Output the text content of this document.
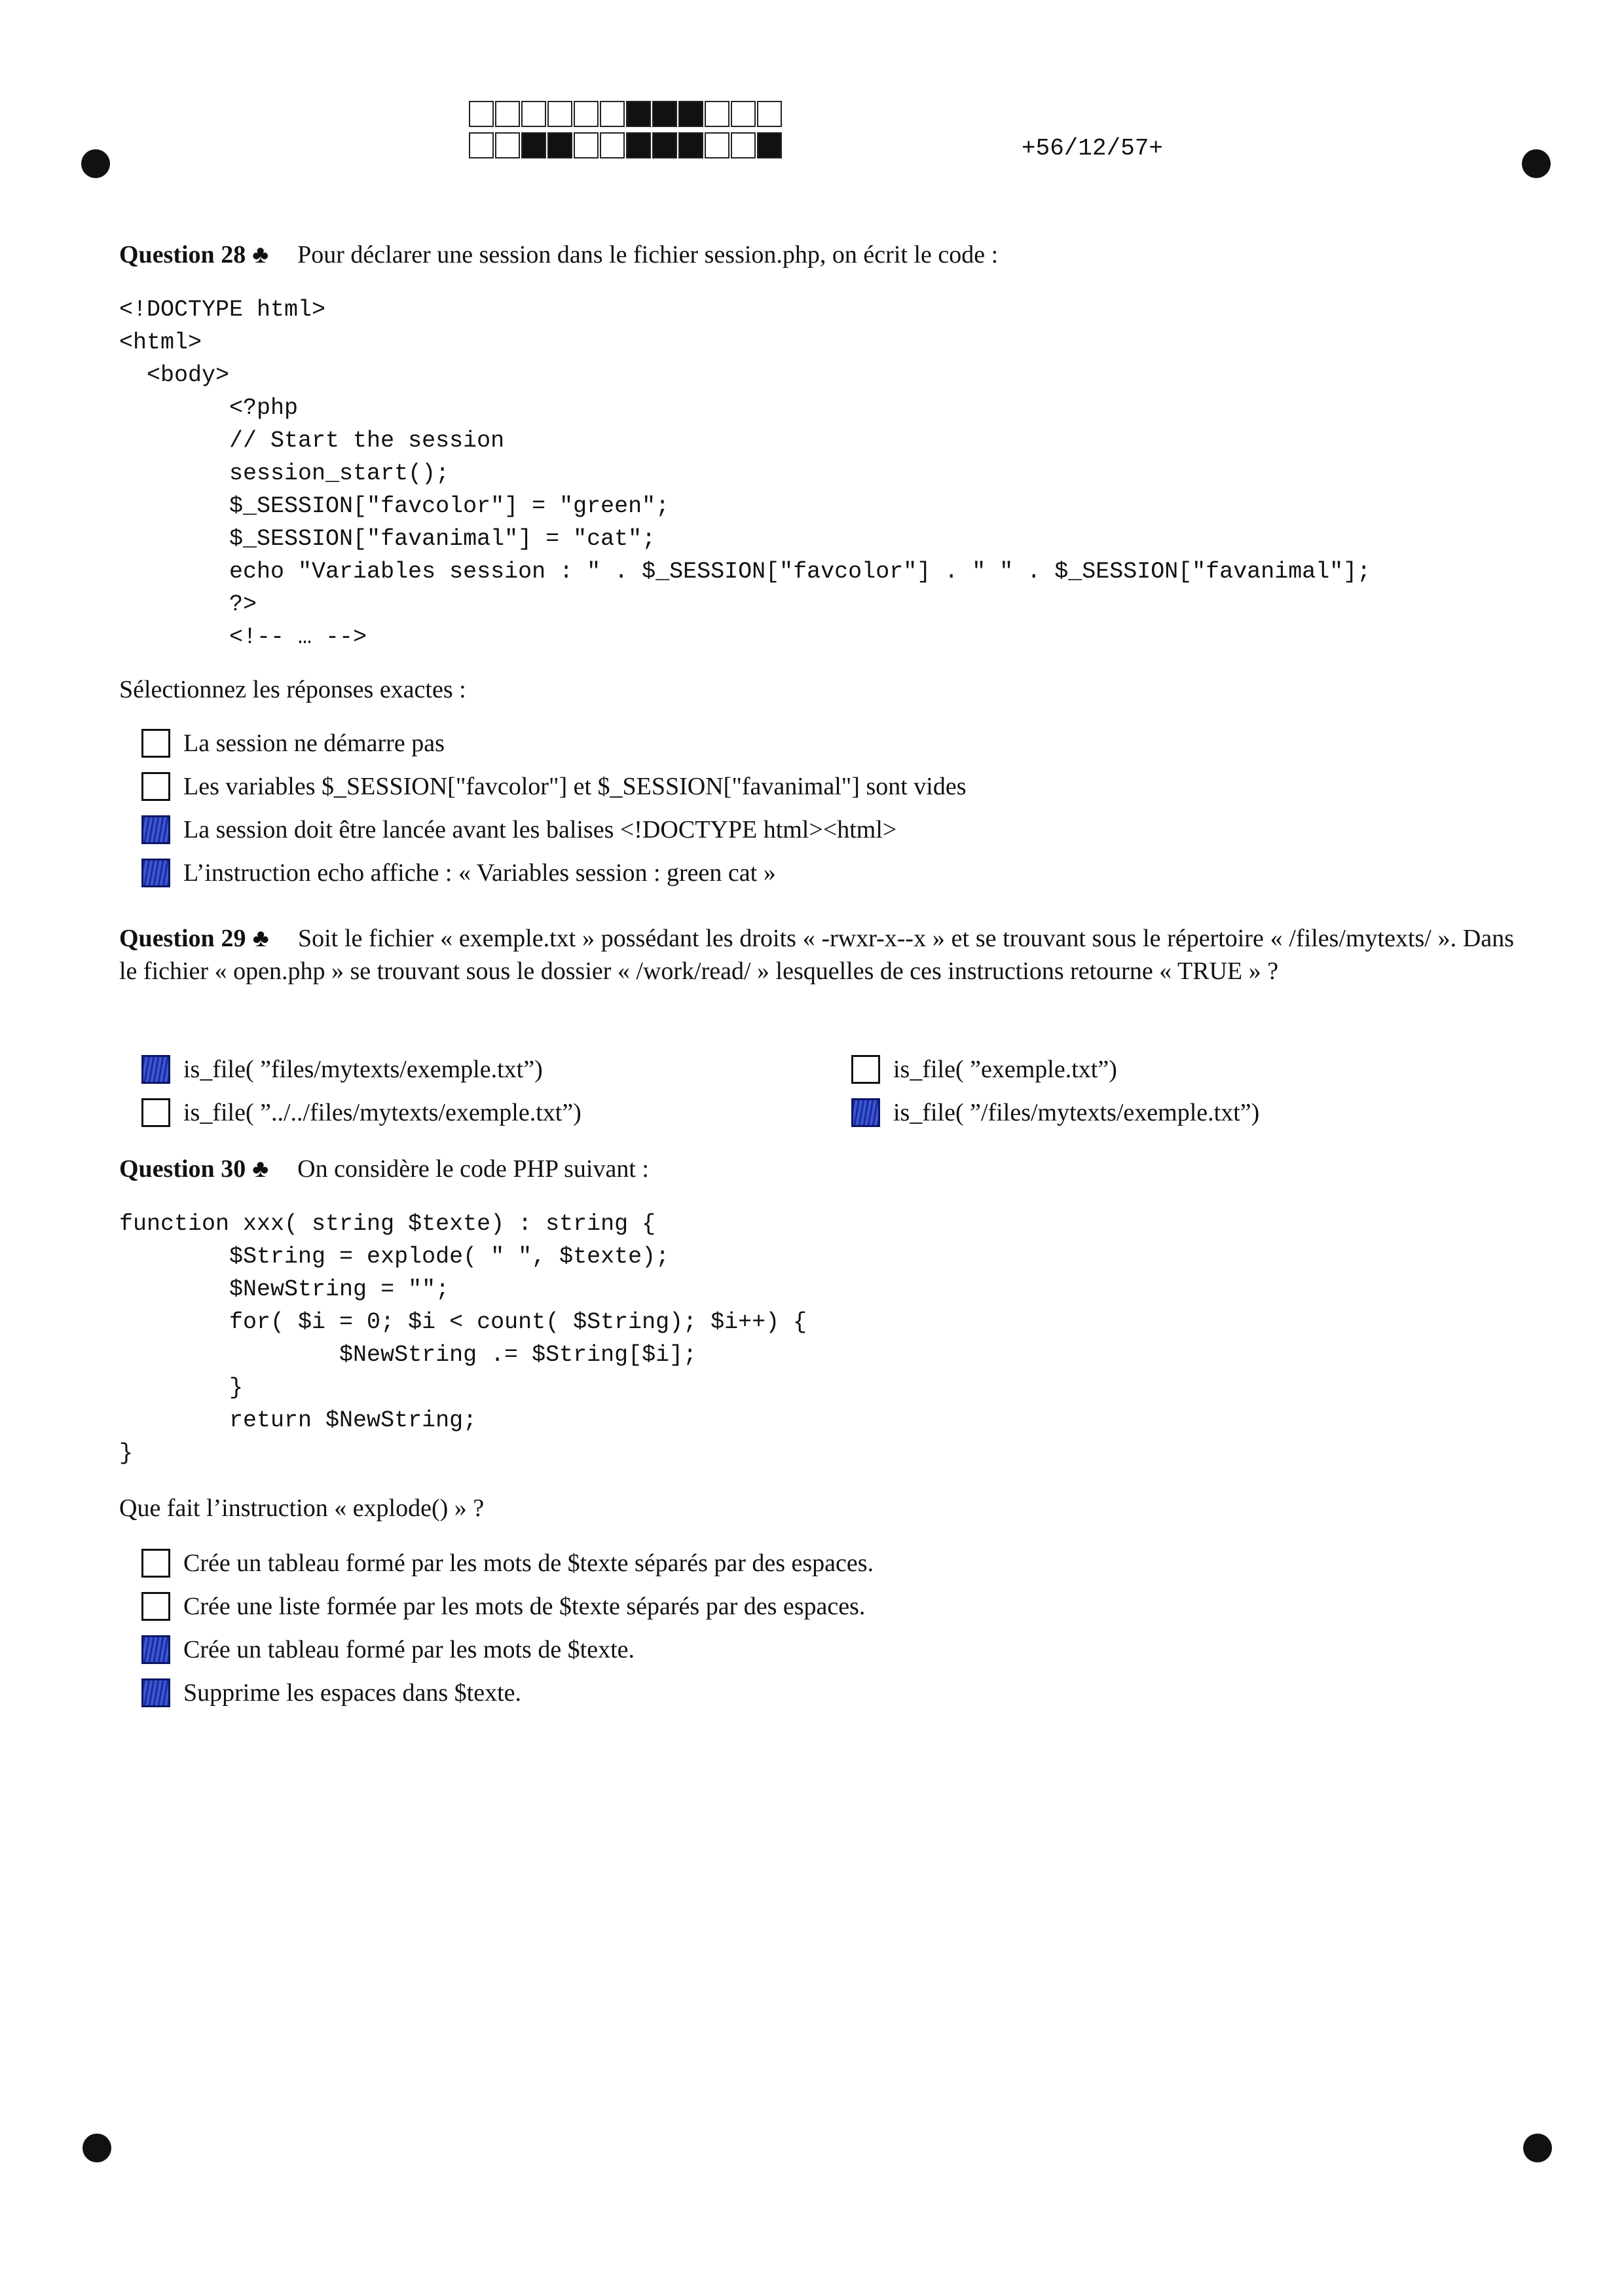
+56/12/57+
Question 28 ♣ Pour déclarer une session dans le fichier session.php, on écrit le code :
<!DOCTYPE html>
<html>
<body>
<?php
// Start the session
session_start();
$_SESSION["favcolor"] = "green";
$_SESSION["favanimal"] = "cat";
echo "Variables session : " . $_SESSION["favcolor"] . " " . $_SESSION["favanimal"];
?>
<!-- … -->
Sélectionnez les réponses exactes :
La session ne démarre pas
Les variables $_SESSION["favcolor"] et $_SESSION["favanimal"] sont vides
La session doit être lancée avant les balises <!DOCTYPE html><html>
L’instruction echo affiche : « Variables session : green cat »
Question 29 ♣ Soit le fichier « exemple.txt » possédant les droits « -rwxr-x--x » et se trouvant sous le répertoire « /files/mytexts/ ». Dans le fichier « open.php » se trouvant sous le dossier « /work/read/ » lesquelles de ces instructions retourne « TRUE » ?
is_file( ”files/mytexts/exemple.txt”)	is_file( ”exemple.txt”)
is_file( ”../../files/mytexts/exemple.txt”)	is_file( ”/files/mytexts/exemple.txt”)
Question 30 ♣ On considère le code PHP suivant :
function xxx( string $texte) : string {
$String = explode( " ", $texte);
$NewString = "";
for( $i = 0; $i < count( $String); $i++) {
$NewString .= $String[$i];
}
return $NewString;
}
Que fait l’instruction « explode() » ?
Crée un tableau formé par les mots de $texte séparés par des espaces.
Crée une liste formée par les mots de $texte séparés par des espaces.
Crée un tableau formé par les mots de $texte.
Supprime les espaces dans $texte.
